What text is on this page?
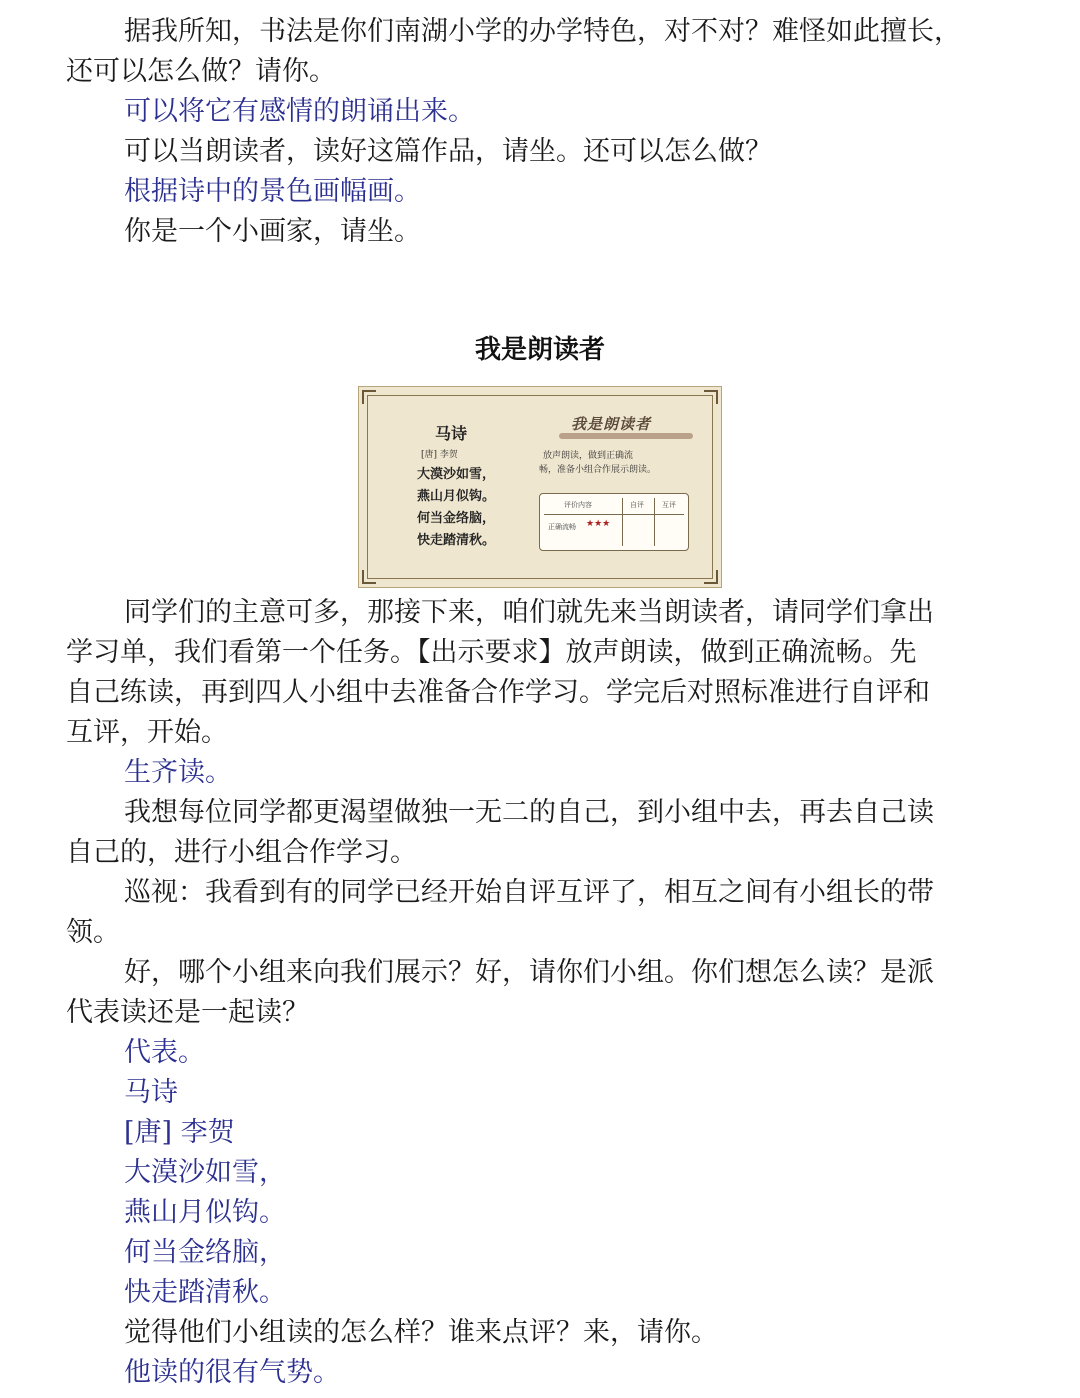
据我所知，书法是你们南湖小学的办学特色，对不对？难怪如此擅长，
还可以怎么做？请你。
可以将它有感情的朗诵出来。
可以当朗读者，读好这篇作品，请坐。还可以怎么做？
根据诗中的景色画幅画。
你是一个小画家，请坐。
我是朗读者
马诗
[唐] 李贺
大漠沙如雪，
燕山月似钩。
何当金络脑，
快走踏清秋。
我是朗读者
放声朗读，做到正确流
畅，准备小组合作展示朗读。
评价内容	自评	互评
正确流畅 ★★★
同学们的主意可多，那接下来，咱们就先来当朗读者，请同学们拿出
学习单，我们看第一个任务。【出示要求】放声朗读，做到正确流畅。先
自己练读，再到四人小组中去准备合作学习。学完后对照标准进行自评和
互评，开始。
生齐读。
我想每位同学都更渴望做独一无二的自己，到小组中去，再去自己读
自己的，进行小组合作学习。
巡视：我看到有的同学已经开始自评互评了，相互之间有小组长的带
领。
好，哪个小组来向我们展示？好，请你们小组。你们想怎么读？是派
代表读还是一起读？
代表。
马诗
[唐] 李贺
大漠沙如雪，
燕山月似钩。
何当金络脑，
快走踏清秋。
觉得他们小组读的怎么样？谁来点评？来，请你。
他读的很有气势。
